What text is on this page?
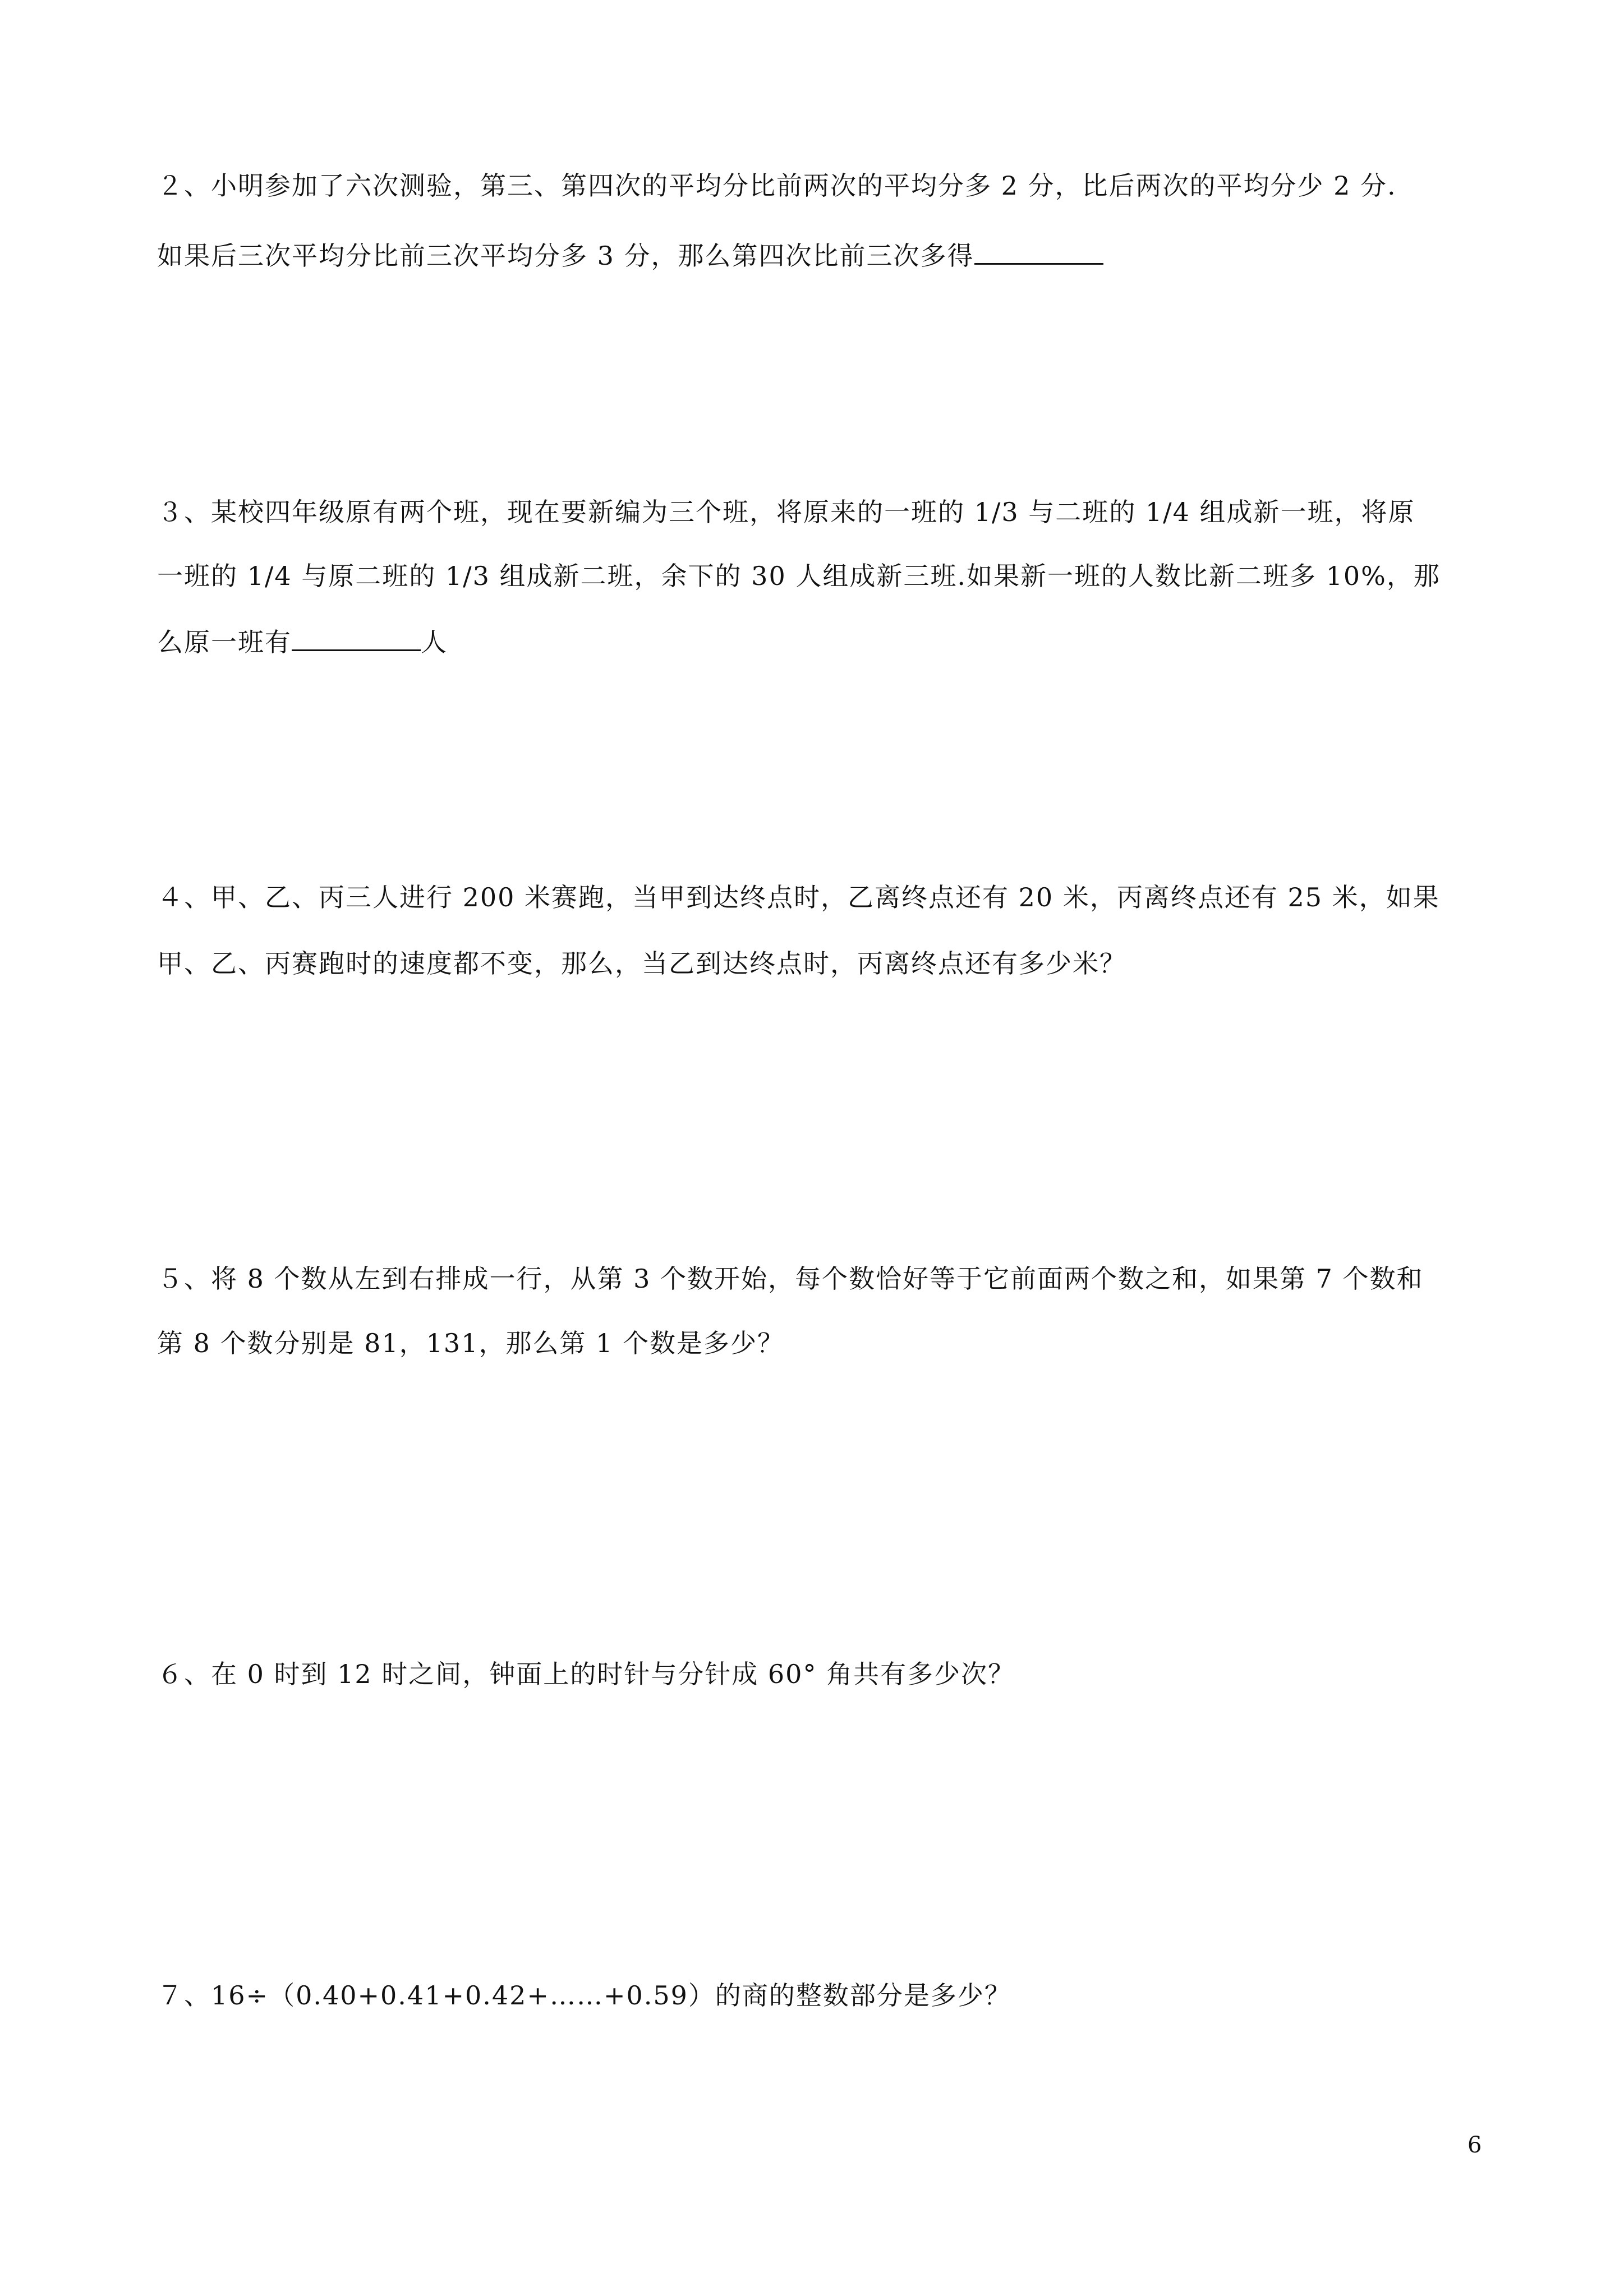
２、小明参加了六次测验，第三、第四次的平均分比前两次的平均分多 2 分，比后两次的平均分少 2 分.
如果后三次平均分比前三次平均分多 3 分，那么第四次比前三次多得
３、某校四年级原有两个班，现在要新编为三个班，将原来的一班的 1/3 与二班的 1/4 组成新一班，将原
一班的 1/4 与原二班的 1/3 组成新二班，余下的 30 人组成新三班.如果新一班的人数比新二班多 10%，那
么原一班有	人
４、甲、乙、丙三人进行 200 米赛跑，当甲到达终点时，乙离终点还有 20 米，丙离终点还有 25 米，如果
甲、乙、丙赛跑时的速度都不变，那么，当乙到达终点时，丙离终点还有多少米？
５、将 8 个数从左到右排成一行，从第 3 个数开始，每个数恰好等于它前面两个数之和，如果第 7 个数和
第 8 个数分别是 81，131，那么第 1 个数是多少？
６、在 0 时到 12 时之间，钟面上的时针与分针成 60° 角共有多少次？
７、16÷（0.40+0.41+0.42+……+0.59）的商的整数部分是多少？
6
